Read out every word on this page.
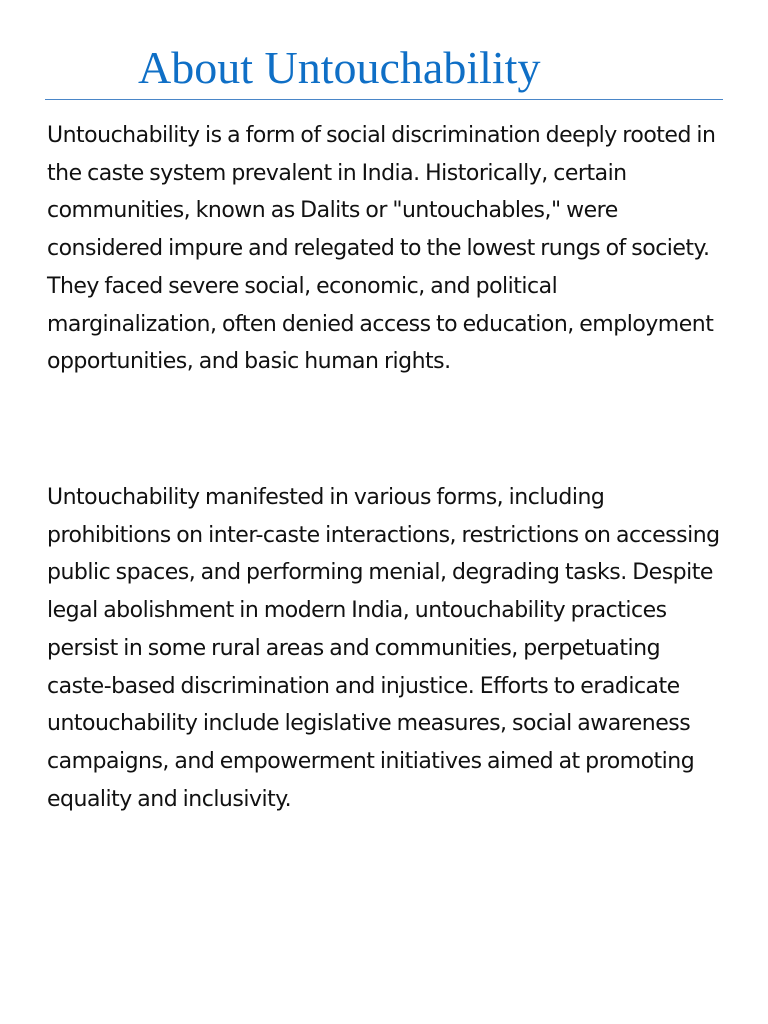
About Untouchability

Untouchability is a form of social discrimination deeply rooted in the caste system prevalent in India. Historically, certain communities, known as Dalits or "untouchables," were considered impure and relegated to the lowest rungs of society. They faced severe social, economic, and political marginalization, often denied access to education, employment opportunities, and basic human rights.

Untouchability manifested in various forms, including prohibitions on inter-caste interactions, restrictions on accessing public spaces, and performing menial, degrading tasks. Despite legal abolishment in modern India, untouchability practices persist in some rural areas and communities, perpetuating caste-based discrimination and injustice. Efforts to eradicate untouchability include legislative measures, social awareness campaigns, and empowerment initiatives aimed at promoting equality and inclusivity.
